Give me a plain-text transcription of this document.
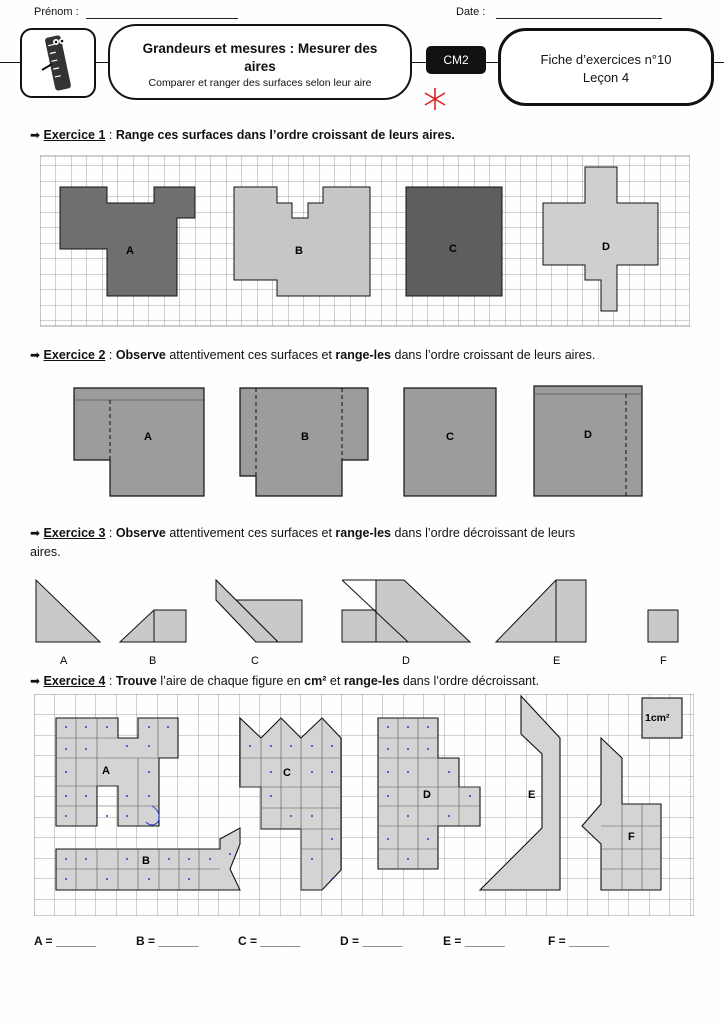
Prénom :	Date :
Grandeurs et mesures : Mesurer des
aires
Comparer et ranger des surfaces selon leur aire
CM2	Fiche d’exercices n°10
Leçon 4
➡ Exercice 1 : Range ces surfaces dans l’ordre croissant de leurs aires.
A	B	C	D
➡ Exercice 2 : Observe attentivement ces surfaces et range-les dans l’ordre croissant de leurs aires.
A	B	C	D
➡ Exercice 3 : Observe attentivement ces surfaces et range-les dans l’ordre décroissant de leurs
aires.
A	B	C	D	E	F
➡ Exercice 4 : Trouve l’aire de chaque figure en cm² et range-les dans l’ordre décroissant.
A
B
C
D	E
F
1cm²
A = ______	B = ______	C = ______	D = ______	E = ______	F = ______
